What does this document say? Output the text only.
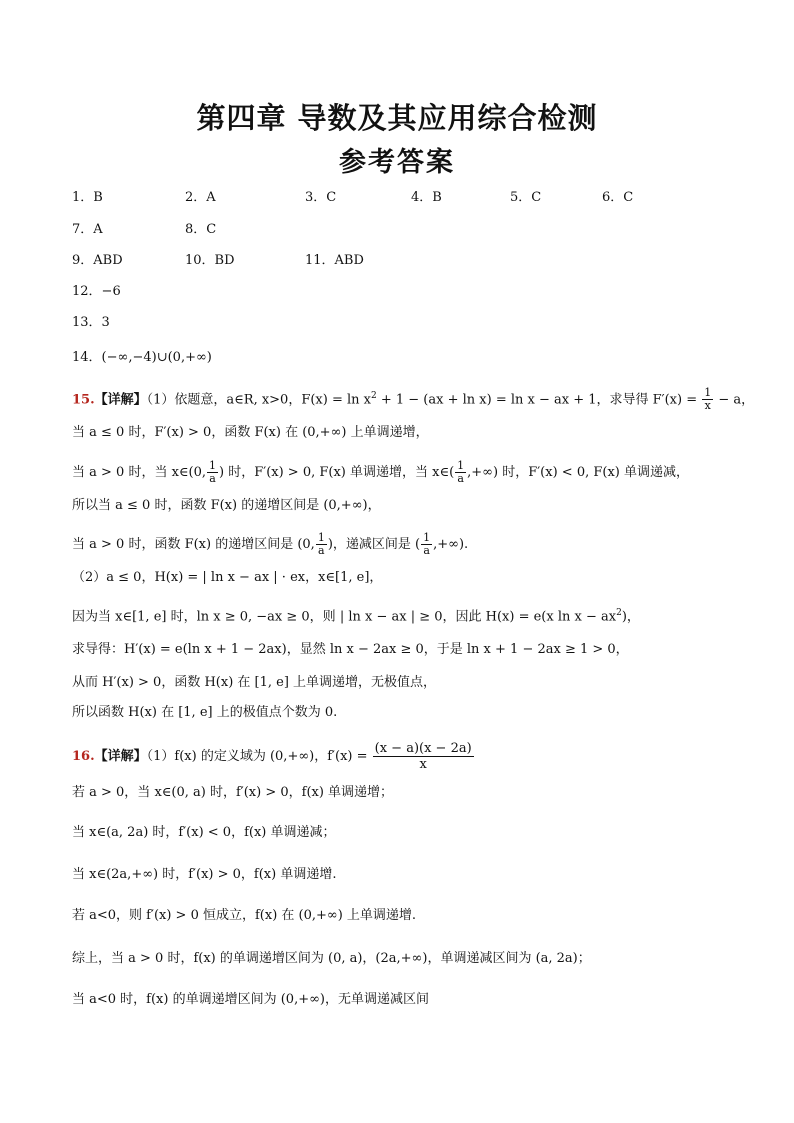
第四章 导数及其应用综合检测
参考答案
1．B	2．A	3．C	4．B	5．C	6．C
7．A	8．C
9．ABD	10．BD	11．ABD
12．−6
13．3
14．(−∞,−4)∪(0,+∞)
15.【详解】（1）依题意，a∈R, x>0，$F(x) = \ln x^2 + 1 - (ax + \ln x) = \ln x$ − ax + 1，求导得 $F'(x) = \frac{1}{x} - a$，
当 a ≤ 0 时，F′(x) > 0，函数 F(x) 在 (0,+∞) 上单调递增，
当 a > 0 时，当 x∈(0, $\frac{1}{a}$ ) 时，F′(x) > 0, F(x) 单调递增，当 x∈( $\frac{1}{a}$ ,+∞) 时，F′(x) < 0, F(x) 单调递减，
所以当 a ≤ 0 时，函数 F(x) 的递增区间是 (0,+∞)，
当 a > 0 时，函数 F(x) 的递增区间是 (0, $\frac{1}{a}$ )，递减区间是 ( $\frac{1}{a}$ ,+∞).
（2）a ≤ 0，H(x) = | ln x − ax | · ex，x∈[1, e]，
因为当 x∈[1, e] 时，ln x ≥ 0, −ax ≥ 0，则 | ln x − ax | ≥ 0，因此 H(x) = e(x $\ln x - ax^2$)，
求导得：H′(x) = e(ln x + 1 − 2ax)，显然 ln x − 2ax ≥ 0，于是 ln x + 1 − 2ax ≥ 1 > 0，
从而 H′(x) > 0，函数 H(x) 在 [1, e] 上单调递增，无极值点，
所以函数 H(x) 在 [1, e] 上的极值点个数为 0.
16.【详解】（1）f(x) 的定义域为 (0,+∞)，$f'(x) = \frac{(x - a)(x - 2a)}{x}$
若 a > 0，当 x∈(0, a) 时，f′(x) > 0，f(x) 单调递增；
当 x∈(a, 2a) 时，f′(x) < 0，f(x) 单调递减；
当 x∈(2a,+∞) 时，f′(x) > 0，f(x) 单调递增.
若 a<0，则 f′(x) > 0 恒成立，f(x) 在 (0,+∞) 上单调递增.
综上，当 a > 0 时，f(x) 的单调递增区间为 (0, a)，(2a,+∞)，单调递减区间为 (a, 2a)；
当 a<0 时，f(x) 的单调递增区间为 (0,+∞)，无单调递减区间
